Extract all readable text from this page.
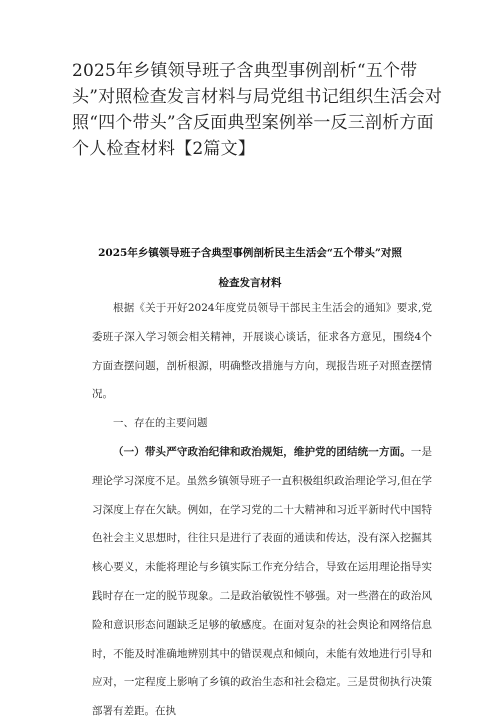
2025年乡镇领导班子含典型事例剖析“五个带头”对照检查发言材料与局党组书记组织生活会对照“四个带头”含反面典型案例举一反三剖析方面个人检查材料【2篇文】
2025年乡镇领导班子含典型事例剖析民主生活会“五个带头”对照
检查发言材料

根据《关于开好2024年度党员领导干部民主生活会的通知》要求,党委班子深入学习领会相关精神，开展谈心谈话，征求各方意见，围绕4个方面查摆问题，剖析根源，明确整改措施与方向，现报告班子对照查摆情况。

一、存在的主要问题

（一）带头严守政治纪律和政治规矩，维护党的团结统一方面。一是理论学习深度不足。虽然乡镇领导班子一直积极组织政治理论学习,但在学习深度上存在欠缺。例如，在学习党的二十大精神和习近平新时代中国特色社会主义思想时，往往只是进行了表面的通读和传达，没有深入挖掘其核心要义，未能将理论与乡镇实际工作充分结合，导致在运用理论指导实践时存在一定的脱节现象。二是政治敏锐性不够强。对一些潜在的政治风险和意识形态问题缺乏足够的敏感度。在面对复杂的社会舆论和网络信息时，不能及时准确地辨别其中的错误观点和倾向，未能有效地进行引导和应对，一定程度上影响了乡镇的政治生态和社会稳定。三是贯彻执行决策部署有差距。在执
